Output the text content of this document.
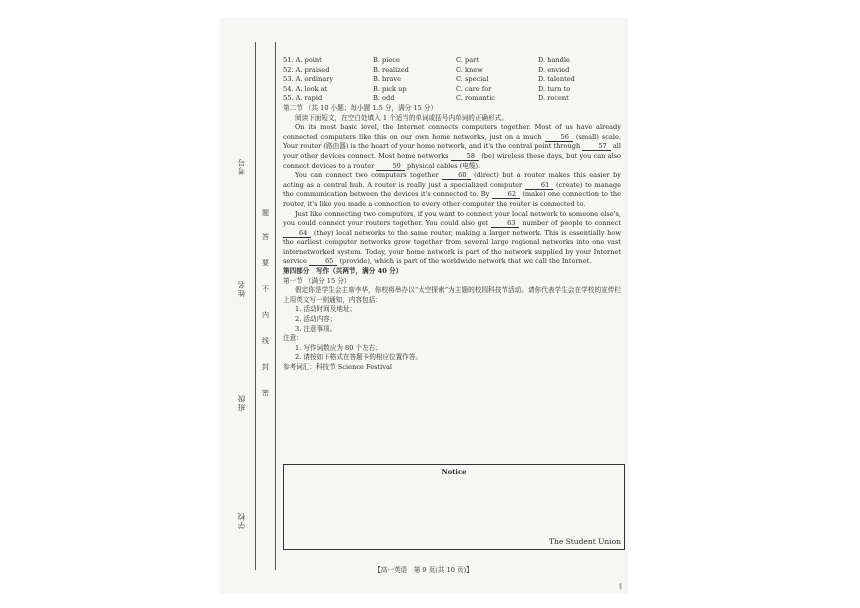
考号
姓名
班级
学校
题
答
要
不
内
线
封
密
51. A. point	B. piece	C. part	D. handle
52. A. praised	B. realized	C. knew	D. envied
53. A. ordinary	B. brave	C. special	D. talented
54. A. look at	B. pick up	C. care for	D. turn to
55. A. rapid	B. odd	C. romantic	D. recent

第二节 （共 10 小题；每小题 1.5 分，满分 15 分）

阅读下面短文，在空白处填入 1 个适当的单词或括号内单词的正确形式。

On its most basic level, the Internet connects computers together. Most of us have already connected computers like this on our own home networks, just on a much 56 (small) scale. Your router (路由器) is the heart of your home network, and it's the central point through 57 all your other devices connect. Most home networks 58 (be) wireless these days, but you can also connect devices to a router 59 physical cables (电缆).

You can connect two computers together 60 (direct) but a router makes this easier by acting as a central hub. A router is really just a specialized computer 61 (create) to manage the communication between the devices it's connected to. By 62 (make) one connection to the router, it's like you made a connection to every other computer the router is connected to.

Just like connecting two computers, if you want to connect your local network to someone else's, you could connect your routers together. You could also get 63 number of people to connect 64 (they) local networks to the same router, making a larger network. This is essentially how the earliest computer networks grew together from several large regional networks into one vast internetworked system. Today, your home network is part of the network supplied by your Internet service 65 (provide), which is part of the worldwide network that we call the Internet.

第四部分　写作（共两节，满分 40 分）

第一节 （满分 15 分）

假定你是学生会主席李华，你校将举办以“太空探索”为主题的校园科技节活动。请你代表学生会在学校的宣传栏上用英文写一则通知，内容包括：

1. 活动时间及地址；

2. 活动内容；

3. 注意事项。

注意：

1. 写作词数应为 80 个左右；

2. 请按如下格式在答题卡的相应位置作答。

参考词汇：科技节 Science Festival

Notice
The Student Union
【高一英语　第 9 页(共 10 页)】
‖
